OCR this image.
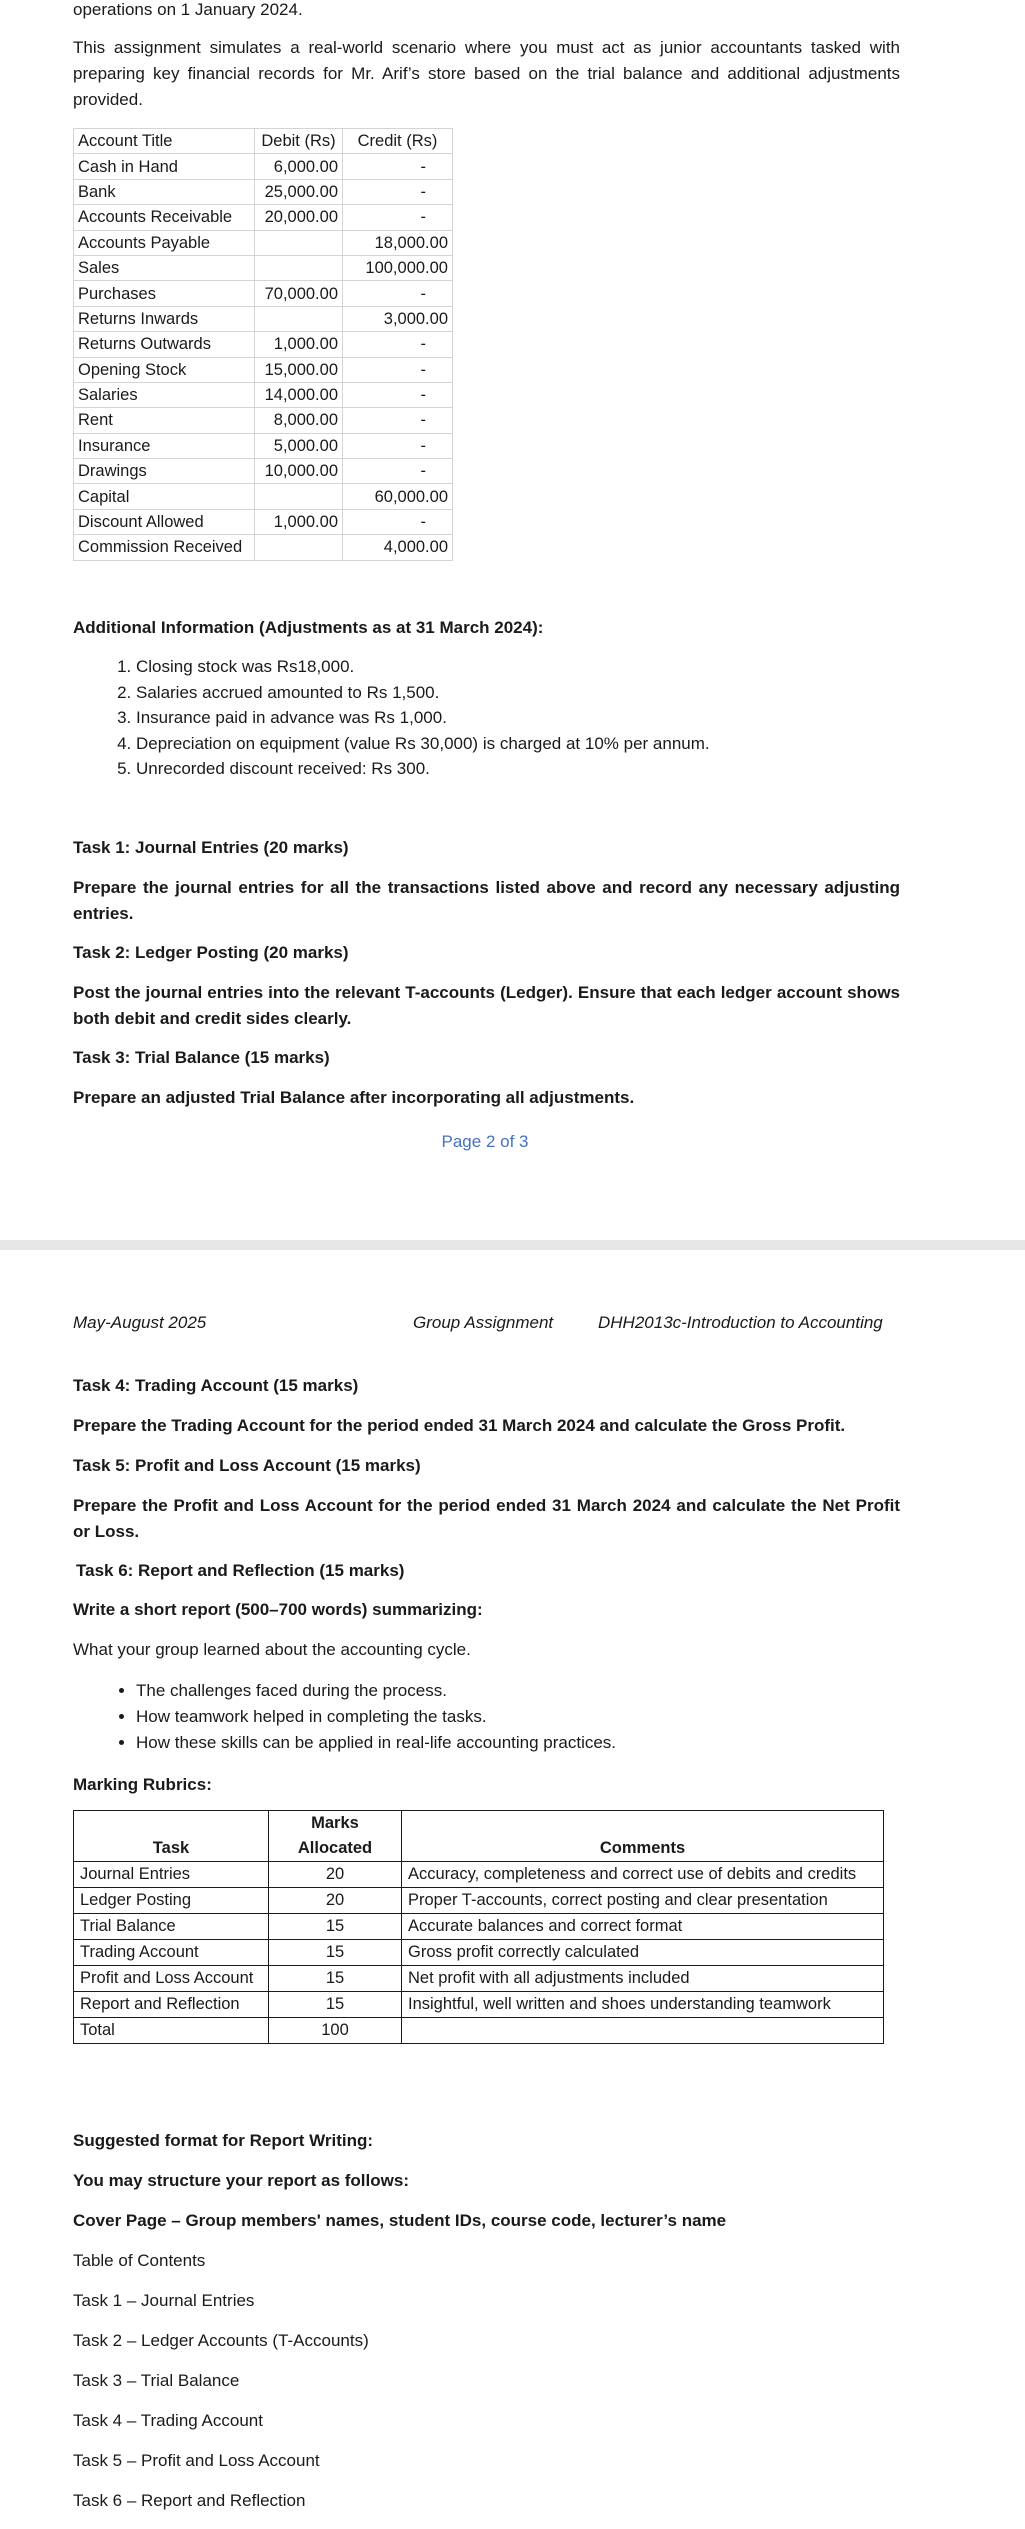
operations on 1 January 2024.
This assignment simulates a real-world scenario where you must act as junior accountants tasked with preparing key financial records for Mr. Arif’s store based on the trial balance and additional adjustments provided.
Account Title	Debit (Rs)	Credit (Rs)
Cash in Hand	6,000.00	-
Bank	25,000.00	-
Accounts Receivable	20,000.00	-
Accounts Payable		18,000.00
Sales		100,000.00
Purchases	70,000.00	-
Returns Inwards		3,000.00
Returns Outwards	1,000.00	-
Opening Stock	15,000.00	-
Salaries	14,000.00	-
Rent	8,000.00	-
Insurance	5,000.00	-
Drawings	10,000.00	-
Capital		60,000.00
Discount Allowed	1,000.00	-
Commission Received		4,000.00
Additional Information (Adjustments as at 31 March 2024):
1. Closing stock was Rs18,000.
2. Salaries accrued amounted to Rs 1,500.
3. Insurance paid in advance was Rs 1,000.
4. Depreciation on equipment (value Rs 30,000) is charged at 10% per annum.
5. Unrecorded discount received: Rs 300.
Task 1: Journal Entries (20 marks)
Prepare the journal entries for all the transactions listed above and record any necessary adjusting entries.
Task 2: Ledger Posting (20 marks)
Post the journal entries into the relevant T-accounts (Ledger). Ensure that each ledger account shows both debit and credit sides clearly.
Task 3: Trial Balance (15 marks)
Prepare an adjusted Trial Balance after incorporating all adjustments.
Page 2 of 3
May-August 2025	Group Assignment	DHH2013c-Introduction to Accounting
Task 4: Trading Account (15 marks)
Prepare the Trading Account for the period ended 31 March 2024 and calculate the Gross Profit.
Task 5: Profit and Loss Account (15 marks)
Prepare the Profit and Loss Account for the period ended 31 March 2024 and calculate the Net Profit or Loss.
Task 6: Report and Reflection (15 marks)
Write a short report (500–700 words) summarizing:
What your group learned about the accounting cycle.
• The challenges faced during the process.
• How teamwork helped in completing the tasks.
• How these skills can be applied in real-life accounting practices.
Marking Rubrics:
Task	Marks Allocated	Comments
Journal Entries	20	Accuracy, completeness and correct use of debits and credits
Ledger Posting	20	Proper T-accounts, correct posting and clear presentation
Trial Balance	15	Accurate balances and correct format
Trading Account	15	Gross profit correctly calculated
Profit and Loss Account	15	Net profit with all adjustments included
Report and Reflection	15	Insightful, well written and shoes understanding teamwork
Total	100	
Suggested format for Report Writing:
You may structure your report as follows:
Cover Page – Group members' names, student IDs, course code, lecturer’s name
Table of Contents
Task 1 – Journal Entries
Task 2 – Ledger Accounts (T-Accounts)
Task 3 – Trial Balance
Task 4 – Trading Account
Task 5 – Profit and Loss Account
Task 6 – Report and Reflection
